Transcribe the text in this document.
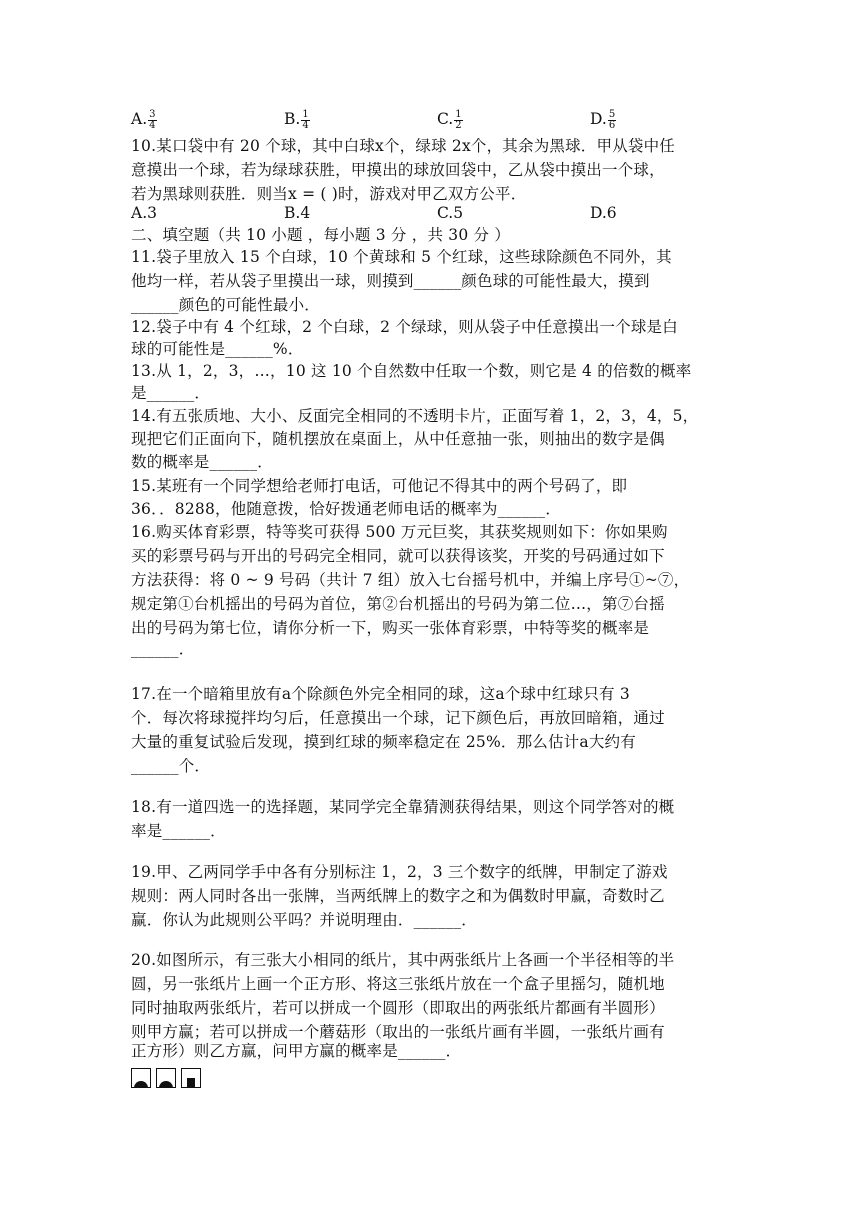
A. $\frac{3}{4}$	B. $\frac{1}{4}$	C. $\frac{1}{2}$	D. $\frac{5}{6}$
10.某口袋中有 20 个球，其中白球x个，绿球 2x个，其余为黑球．甲从袋中任
意摸出一个球，若为绿球获胜，甲摸出的球放回袋中，乙从袋中摸出一个球，
若为黑球则获胜．则当x = ( )时，游戏对甲乙双方公平．
A.3	B.4	C.5	D.6
二、填空题（共 10 小题 ，每小题 3 分 ，共 30 分 ）
11.袋子里放入 15 个白球，10 个黄球和 5 个红球，这些球除颜色不同外，其
他均一样，若从袋子里摸出一球，则摸到______颜色球的可能性最大，摸到
______颜色的可能性最小．
12.袋子中有 4 个红球，2 个白球，2 个绿球，则从袋子中任意摸出一个球是白
球的可能性是______%．
13.从 1，2，3，…，10 这 10 个自然数中任取一个数，则它是 4 的倍数的概率
是______．
14.有五张质地、大小、反面完全相同的不透明卡片，正面写着 1，2，3，4，5，
现把它们正面向下，随机摆放在桌面上，从中任意抽一张，则抽出的数字是偶
数的概率是______．
15.某班有一个同学想给老师打电话，可他记不得其中的两个号码了，即
36．．8288，他随意拨，恰好拨通老师电话的概率为______．
16.购买体育彩票，特等奖可获得 500 万元巨奖，其获奖规则如下：你如果购
买的彩票号码与开出的号码完全相同，就可以获得该奖，开奖的号码通过如下
方法获得：将 0 ~ 9 号码（共计 7 组）放入七台摇号机中，并编上序号①~⑦，
规定第①台机摇出的号码为首位，第②台机摇出的号码为第二位…，第⑦台摇
出的号码为第七位，请你分析一下，购买一张体育彩票，中特等奖的概率是
______．
17.在一个暗箱里放有a个除颜色外完全相同的球，这a个球中红球只有 3
个．每次将球搅拌均匀后，任意摸出一个球，记下颜色后，再放回暗箱，通过
大量的重复试验后发现，摸到红球的频率稳定在 25%．那么估计a大约有
______个．
18.有一道四选一的选择题，某同学完全靠猜测获得结果，则这个同学答对的概
率是______．
19.甲、乙两同学手中各有分别标注 1，2，3 三个数字的纸牌，甲制定了游戏
规则：两人同时各出一张牌，当两纸牌上的数字之和为偶数时甲赢，奇数时乙
赢．你认为此规则公平吗？并说明理由．______．
20.如图所示，有三张大小相同的纸片，其中两张纸片上各画一个半径相等的半
圆，另一张纸片上画一个正方形、将这三张纸片放在一个盒子里摇匀，随机地
同时抽取两张纸片，若可以拼成一个圆形（即取出的两张纸片都画有半圆形）
则甲方赢；若可以拼成一个蘑菇形（取出的一张纸片画有半圆，一张纸片画有
正方形）则乙方赢，问甲方赢的概率是______．
